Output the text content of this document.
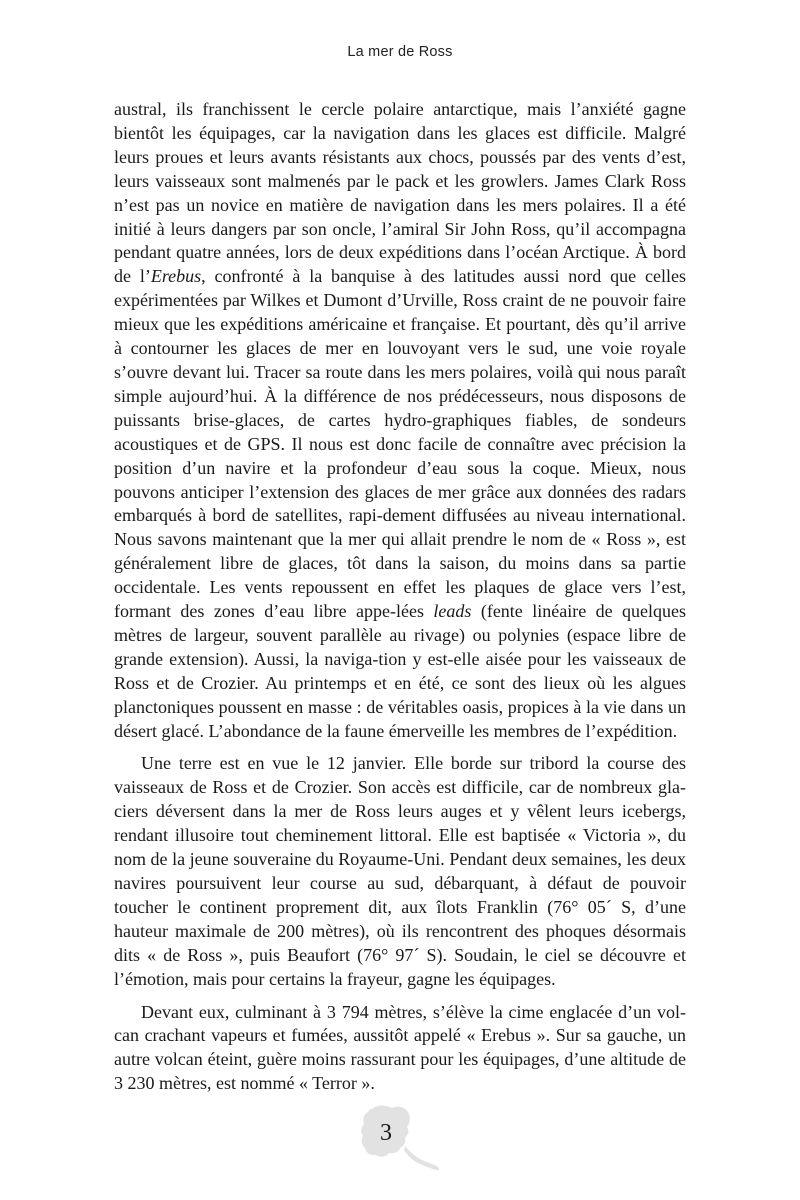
La mer de Ross

austral, ils franchissent le cercle polaire antarctique, mais l’anxiété gagne bientôt les équipages, car la navigation dans les glaces est difficile. Malgré leurs proues et leurs avants résistants aux chocs, poussés par des vents d’est, leurs vaisseaux sont malmenés par le pack et les growlers. James Clark Ross n’est pas un novice en matière de navigation dans les mers polaires. Il a été initié à leurs dangers par son oncle, l’amiral Sir John Ross, qu’il accompagna pendant quatre années, lors de deux expéditions dans l’océan Arctique. À bord de l’Erebus, confronté à la banquise à des latitudes aussi nord que celles expérimentées par Wilkes et Dumont d’Urville, Ross craint de ne pouvoir faire mieux que les expéditions américaine et française. Et pourtant, dès qu’il arrive à contourner les glaces de mer en louvoyant vers le sud, une voie royale s’ouvre devant lui. Tracer sa route dans les mers polaires, voilà qui nous paraît simple aujourd’hui. À la différence de nos prédécesseurs, nous disposons de puissants brise-glaces, de cartes hydro-graphiques fiables, de sondeurs acoustiques et de GPS. Il nous est donc facile de connaître avec précision la position d’un navire et la profondeur d’eau sous la coque. Mieux, nous pouvons anticiper l’extension des glaces de mer grâce aux données des radars embarqués à bord de satellites, rapi-dement diffusées au niveau international. Nous savons maintenant que la mer qui allait prendre le nom de « Ross », est généralement libre de glaces, tôt dans la saison, du moins dans sa partie occidentale. Les vents repoussent en effet les plaques de glace vers l’est, formant des zones d’eau libre appe-lées leads (fente linéaire de quelques mètres de largeur, souvent parallèle au rivage) ou polynies (espace libre de grande extension). Aussi, la naviga-tion y est-elle aisée pour les vaisseaux de Ross et de Crozier. Au printemps et en été, ce sont des lieux où les algues planctoniques poussent en masse : de véritables oasis, propices à la vie dans un désert glacé. L’abondance de la faune émerveille les membres de l’expédition.

Une terre est en vue le 12 janvier. Elle borde sur tribord la course des vaisseaux de Ross et de Crozier. Son accès est difficile, car de nombreux gla-ciers déversent dans la mer de Ross leurs auges et y vêlent leurs icebergs, rendant illusoire tout cheminement littoral. Elle est baptisée « Victoria », du nom de la jeune souveraine du Royaume-Uni. Pendant deux semaines, les deux navires poursuivent leur course au sud, débarquant, à défaut de pouvoir toucher le continent proprement dit, aux îlots Franklin (76° 05´ S, d’une hauteur maximale de 200 mètres), où ils rencontrent des phoques désormais dits « de Ross », puis Beaufort (76° 97´ S). Soudain, le ciel se découvre et l’émotion, mais pour certains la frayeur, gagne les équipages.

Devant eux, culminant à 3 794 mètres, s’élève la cime englacée d’un vol-can crachant vapeurs et fumées, aussitôt appelé « Erebus ». Sur sa gauche, un autre volcan éteint, guère moins rassurant pour les équipages, d’une altitude de 3 230 mètres, est nommé « Terror ».

3
